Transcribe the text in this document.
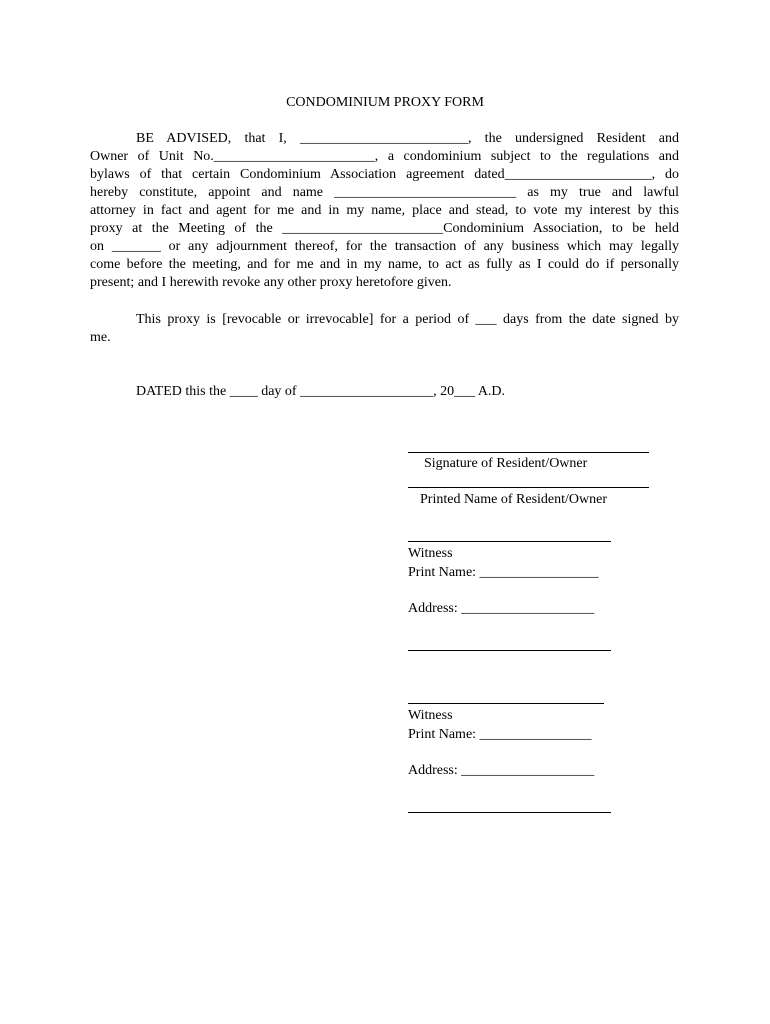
CONDOMINIUM PROXY FORM
BE ADVISED, that I, ________________________, the undersigned Resident and
Owner of Unit No._______________________, a condominium subject to the regulations and
bylaws of that certain Condominium Association agreement dated_____________________, do
hereby constitute, appoint and name __________________________ as my true and lawful
attorney in fact and agent for me and in my name, place and stead, to vote my interest by this
proxy at the Meeting of the _______________________Condominium Association, to be held
on _______ or any adjournment thereof, for the transaction of any business which may legally
come before the meeting, and for me and in my name, to act as fully as I could do if personally
present; and I herewith revoke any other proxy heretofore given.
This proxy is [revocable or irrevocable] for a period of ___ days from the date signed by
me.
DATED this the ____ day of ___________________, 20___ A.D.
Signature of Resident/Owner
Printed Name of Resident/Owner
Witness
Print Name: _________________
Address: ___________________
Witness
Print Name: ________________
Address: ___________________
